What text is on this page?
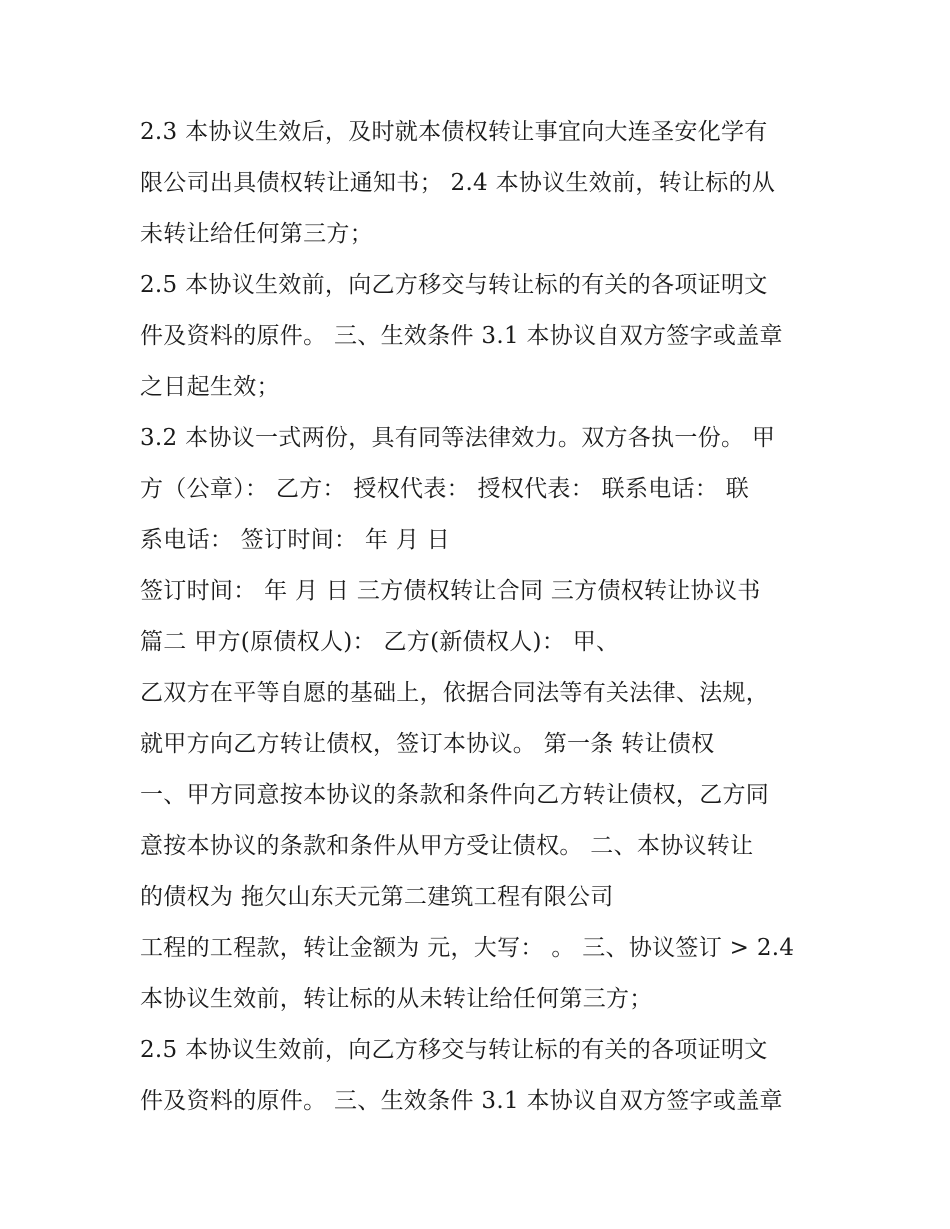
2.3 本协议生效后，及时就本债权转让事宜向大连圣安化学有
限公司出具债权转让通知书； 2.4 本协议生效前，转让标的从
未转让给任何第三方；
2.5 本协议生效前，向乙方移交与转让标的有关的各项证明文
件及资料的原件。 三、生效条件 3.1 本协议自双方签字或盖章
之日起生效；
3.2 本协议一式两份，具有同等法律效力。双方各执一份。 甲
方（公章）： 乙方： 授权代表： 授权代表： 联系电话： 联
系电话： 签订时间： 年 月 日
签订时间： 年 月 日 三方债权转让合同 三方债权转让协议书
篇二 甲方(原债权人)： 乙方(新债权人)： 甲、
乙双方在平等自愿的基础上，依据合同法等有关法律、法规，
就甲方向乙方转让债权，签订本协议。 第一条 转让债权
一、甲方同意按本协议的条款和条件向乙方转让债权，乙方同
意按本协议的条款和条件从甲方受让债权。 二、本协议转让
的债权为 拖欠山东天元第二建筑工程有限公司
工程的工程款，转让金额为 元，大写： 。 三、协议签订 > 2.4
本协议生效前，转让标的从未转让给任何第三方；
2.5 本协议生效前，向乙方移交与转让标的有关的各项证明文
件及资料的原件。 三、生效条件 3.1 本协议自双方签字或盖章
